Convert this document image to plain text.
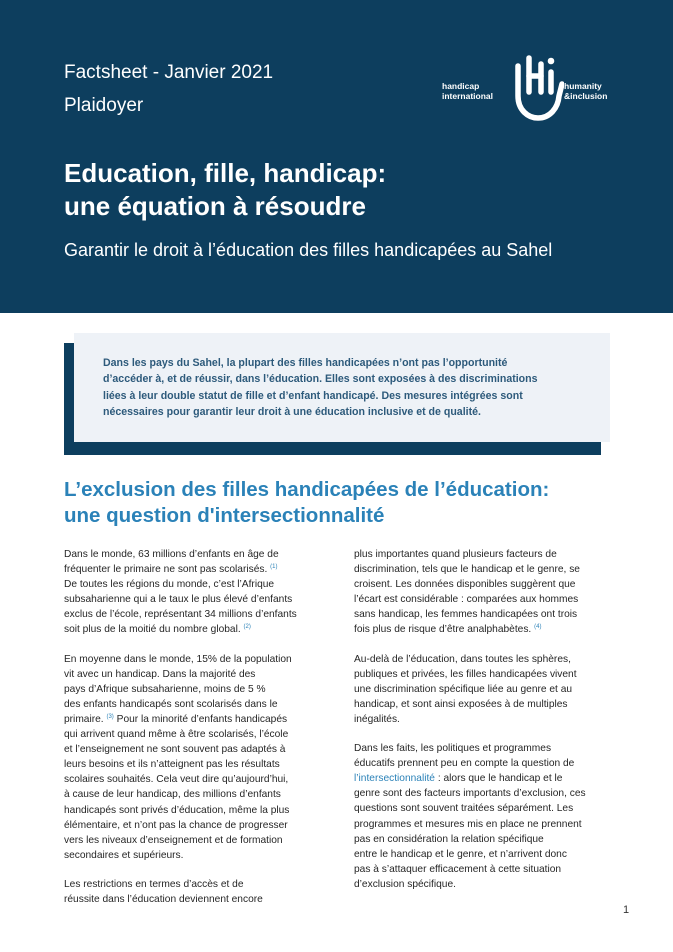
Factsheet - Janvier 2021
Plaidoyer
Education, fille, handicap:
une équation à résoudre
Garantir le droit à l’éducation des filles handicapées au Sahel
handicap
international
humanity
&inclusion

Dans les pays du Sahel, la plupart des filles handicapées n’ont pas l’opportunité
d’accéder à, et de réussir, dans l’éducation. Elles sont exposées à des discriminations
liées à leur double statut de fille et d’enfant handicapé. Des mesures intégrées sont
nécessaires pour garantir leur droit à une éducation inclusive et de qualité.

L’exclusion des filles handicapées de l’éducation:
une question d'intersectionnalité
Dans le monde, 63 millions d’enfants en âge de
fréquenter le primaire ne sont pas scolarisés. $^{(1)}$
De toutes les régions du monde, c’est l’Afrique
subsaharienne qui a le taux le plus élevé d’enfants
exclus de l’école, représentant 34 millions d’enfants
soit plus de la moitié du nombre global. $^{(2)}$
En moyenne dans le monde, 15% de la population
vit avec un handicap. Dans la majorité des
pays d’Afrique subsaharienne, moins de 5 %
des enfants handicapés sont scolarisés dans le
primaire. $^{(3)}$ Pour la minorité d’enfants handicapés
qui arrivent quand même à être scolarisés, l’école
et l’enseignement ne sont souvent pas adaptés à
leurs besoins et ils n’atteignent pas les résultats
scolaires souhaités. Cela veut dire qu’aujourd’hui,
à cause de leur handicap, des millions d’enfants
handicapés sont privés d’éducation, même la plus
élémentaire, et n’ont pas la chance de progresser
vers les niveaux d’enseignement et de formation
secondaires et supérieurs.
Les restrictions en termes d’accès et de
réussite dans l’éducation deviennent encore
plus importantes quand plusieurs facteurs de
discrimination, tels que le handicap et le genre, se
croisent. Les données disponibles suggèrent que
l’écart est considérable : comparées aux hommes
sans handicap, les femmes handicapées ont trois
fois plus de risque d’être analphabètes. $^{(4)}$
Au-delà de l’éducation, dans toutes les sphères,
publiques et privées, les filles handicapées vivent
une discrimination spécifique liée au genre et au
handicap, et sont ainsi exposées à de multiples
inégalités.
Dans les faits, les politiques et programmes
éducatifs prennent peu en compte la question de
l’intersectionnalité : alors que le handicap et le
genre sont des facteurs importants d’exclusion, ces
questions sont souvent traitées séparément. Les
programmes et mesures mis en place ne prennent
pas en considération la relation spécifique
entre le handicap et le genre, et n’arrivent donc
pas à s’attaquer efficacement à cette situation
d’exclusion spécifique.
1
